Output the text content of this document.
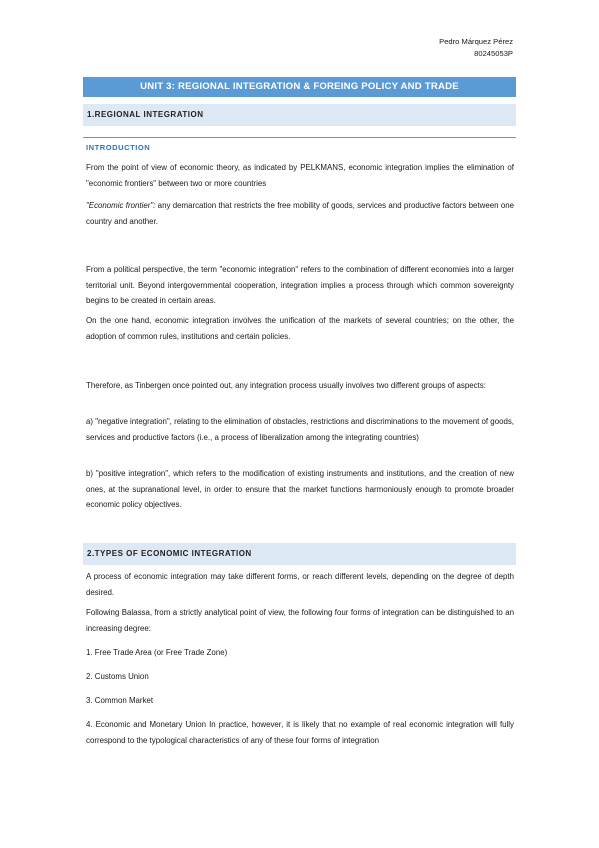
Pedro Márquez Pérez
80245053P
UNIT 3: REGIONAL INTEGRATION & FOREING POLICY AND TRADE
1.REGIONAL INTEGRATION
INTRODUCTION
From the point of view of economic theory, as indicated by PELKMANS, economic integration implies the elimination of "economic frontiers" between two or more countries
"Economic frontier": any demarcation that restricts the free mobility of goods, services and productive factors between one country and another.
From a political perspective, the term "economic integration" refers to the combination of different economies into a larger territorial unit. Beyond intergovernmental cooperation, integration implies a process through which common sovereignty begins to be created in certain areas.
On the one hand, economic integration involves the unification of the markets of several countries; on the other, the adoption of common rules, institutions and certain policies.
Therefore, as Tinbergen once pointed out, any integration process usually involves two different groups of aspects:
a) "negative integration", relating to the elimination of obstacles, restrictions and discriminations to the movement of goods, services and productive factors (i.e., a process of liberalization among the integrating countries)
b) "positive integration", which refers to the modification of existing instruments and institutions, and the creation of new ones, at the supranational level, in order to ensure that the market functions harmoniously enough to promote broader economic policy objectives.
2.TYPES OF ECONOMIC INTEGRATION
A process of economic integration may take different forms, or reach different levels, depending on the degree of depth desired.
Following Balassa, from a strictly analytical point of view, the following four forms of integration can be distinguished to an increasing degree:
1. Free Trade Area (or Free Trade Zone)
2. Customs Union
3. Common Market
4. Economic and Monetary Union In practice, however, it is likely that no example of real economic integration will fully correspond to the typological characteristics of any of these four forms of integration
